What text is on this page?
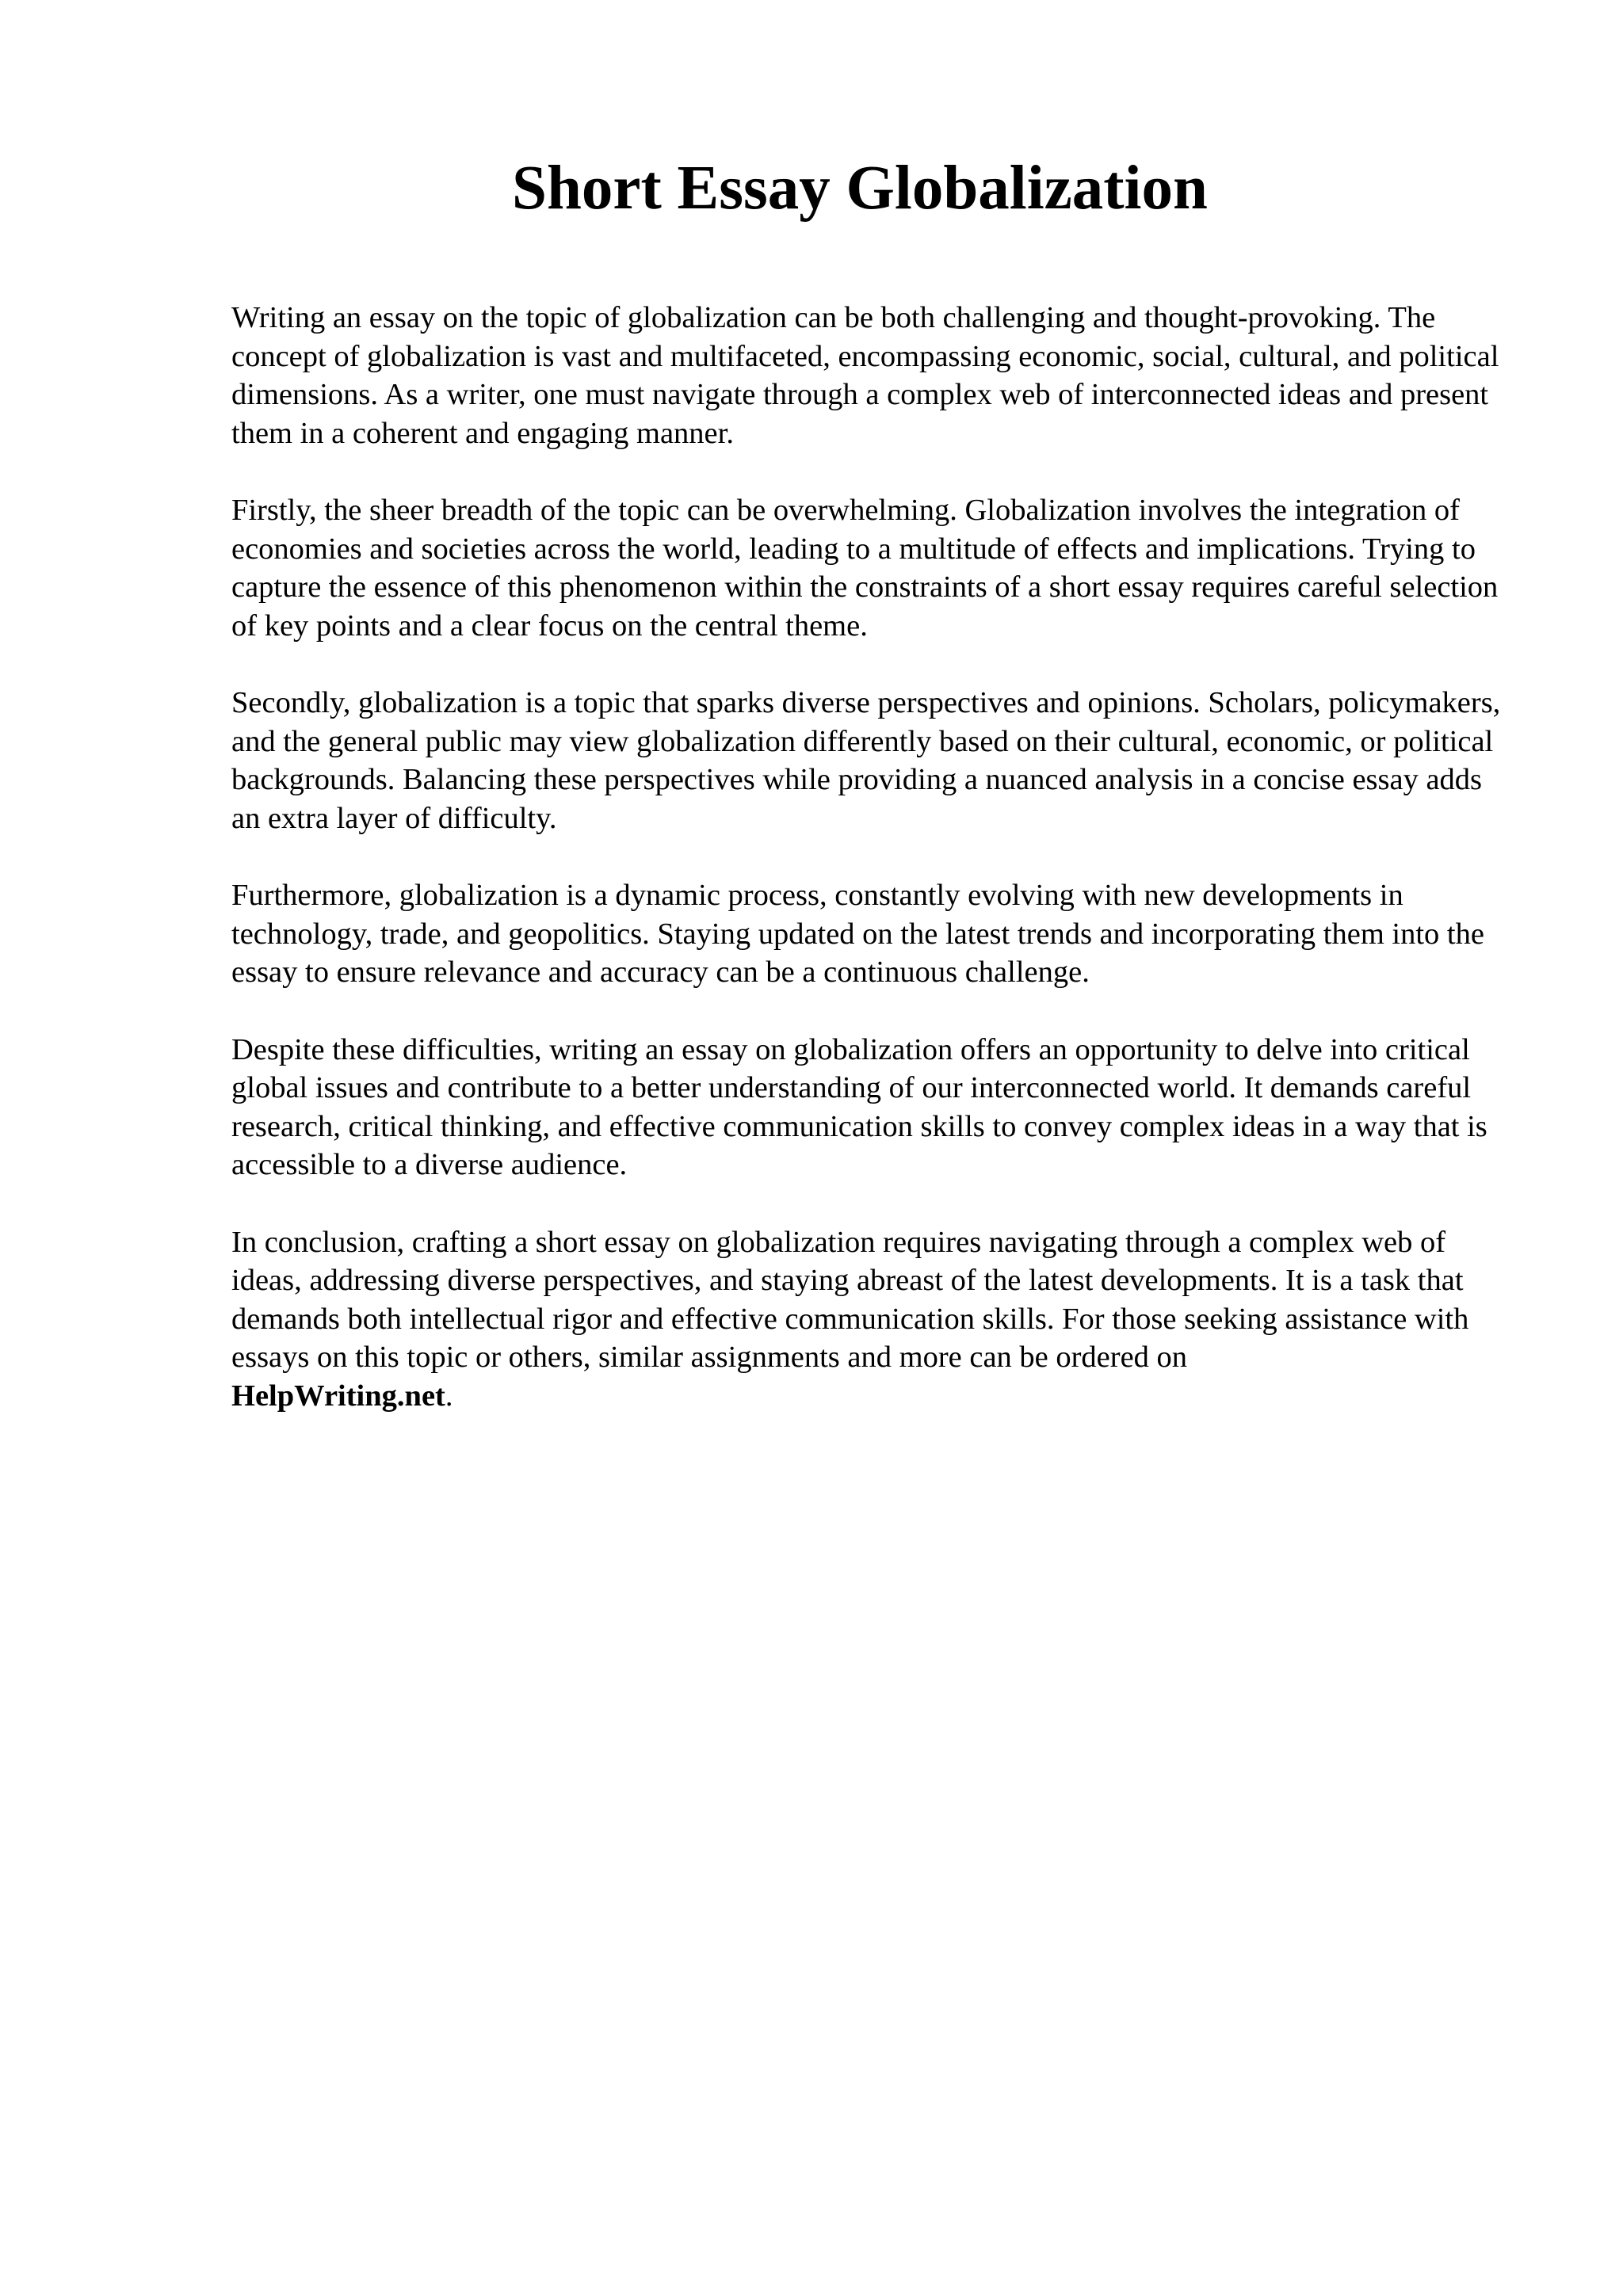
Short Essay Globalization

Writing an essay on the topic of globalization can be both challenging and thought-provoking. The concept of globalization is vast and multifaceted, encompassing economic, social, cultural, and political dimensions. As a writer, one must navigate through a complex web of interconnected ideas and present them in a coherent and engaging manner.

Firstly, the sheer breadth of the topic can be overwhelming. Globalization involves the integration of economies and societies across the world, leading to a multitude of effects and implications. Trying to capture the essence of this phenomenon within the constraints of a short essay requires careful selection of key points and a clear focus on the central theme.

Secondly, globalization is a topic that sparks diverse perspectives and opinions. Scholars, policymakers, and the general public may view globalization differently based on their cultural, economic, or political backgrounds. Balancing these perspectives while providing a nuanced analysis in a concise essay adds an extra layer of difficulty.

Furthermore, globalization is a dynamic process, constantly evolving with new developments in technology, trade, and geopolitics. Staying updated on the latest trends and incorporating them into the essay to ensure relevance and accuracy can be a continuous challenge.

Despite these difficulties, writing an essay on globalization offers an opportunity to delve into critical global issues and contribute to a better understanding of our interconnected world. It demands careful research, critical thinking, and effective communication skills to convey complex ideas in a way that is accessible to a diverse audience.

In conclusion, crafting a short essay on globalization requires navigating through a complex web of ideas, addressing diverse perspectives, and staying abreast of the latest developments. It is a task that demands both intellectual rigor and effective communication skills. For those seeking assistance with essays on this topic or others, similar assignments and more can be ordered on
HelpWriting.net.
